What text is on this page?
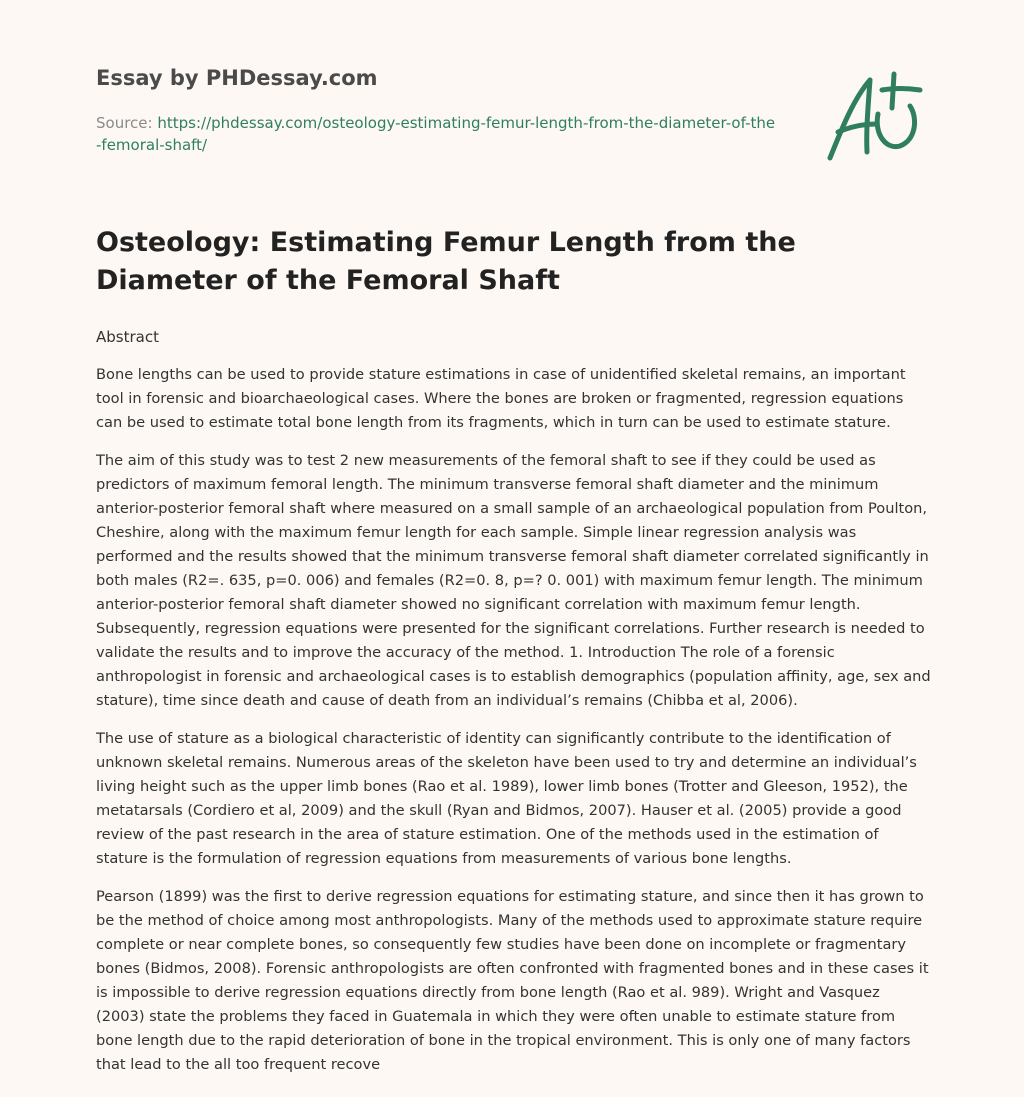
Essay by PHDessay.com
Source: https://phdessay.com/osteology-estimating-femur-length-from-the-diameter-of-the-femoral-shaft/
Osteology: Estimating Femur Length from the Diameter of the Femoral Shaft

Abstract

Bone lengths can be used to provide stature estimations in case of unidentified skeletal remains, an important tool in forensic and bioarchaeological cases. Where the bones are broken or fragmented, regression equations can be used to estimate total bone length from its fragments, which in turn can be used to estimate stature.

The aim of this study was to test 2 new measurements of the femoral shaft to see if they could be used as predictors of maximum femoral length. The minimum transverse femoral shaft diameter and the minimum anterior-posterior femoral shaft where measured on a small sample of an archaeological population from Poulton, Cheshire, along with the maximum femur length for each sample. Simple linear regression analysis was performed and the results showed that the minimum transverse femoral shaft diameter correlated significantly in both males (R2=. 635, p=0. 006) and females (R2=0. 8, p=? 0. 001) with maximum femur length. The minimum anterior-posterior femoral shaft diameter showed no significant correlation with maximum femur length. Subsequently, regression equations were presented for the significant correlations. Further research is needed to validate the results and to improve the accuracy of the method. 1. Introduction The role of a forensic anthropologist in forensic and archaeological cases is to establish demographics (population affinity, age, sex and stature), time since death and cause of death from an individual’s remains (Chibba et al, 2006).

The use of stature as a biological characteristic of identity can significantly contribute to the identification of unknown skeletal remains. Numerous areas of the skeleton have been used to try and determine an individual’s living height such as the upper limb bones (Rao et al. 1989), lower limb bones (Trotter and Gleeson, 1952), the metatarsals (Cordiero et al, 2009) and the skull (Ryan and Bidmos, 2007). Hauser et al. (2005) provide a good review of the past research in the area of stature estimation. One of the methods used in the estimation of stature is the formulation of regression equations from measurements of various bone lengths.

Pearson (1899) was the first to derive regression equations for estimating stature, and since then it has grown to be the method of choice among most anthropologists. Many of the methods used to approximate stature require complete or near complete bones, so consequently few studies have been done on incomplete or fragmentary bones (Bidmos, 2008). Forensic anthropologists are often confronted with fragmented bones and in these cases it is impossible to derive regression equations directly from bone length (Rao et al. 989). Wright and Vasquez (2003) state the problems they faced in Guatemala in which they were often unable to estimate stature from bone length due to the rapid deterioration of bone in the tropical environment. This is only one of many factors that lead to the all too frequent recove
